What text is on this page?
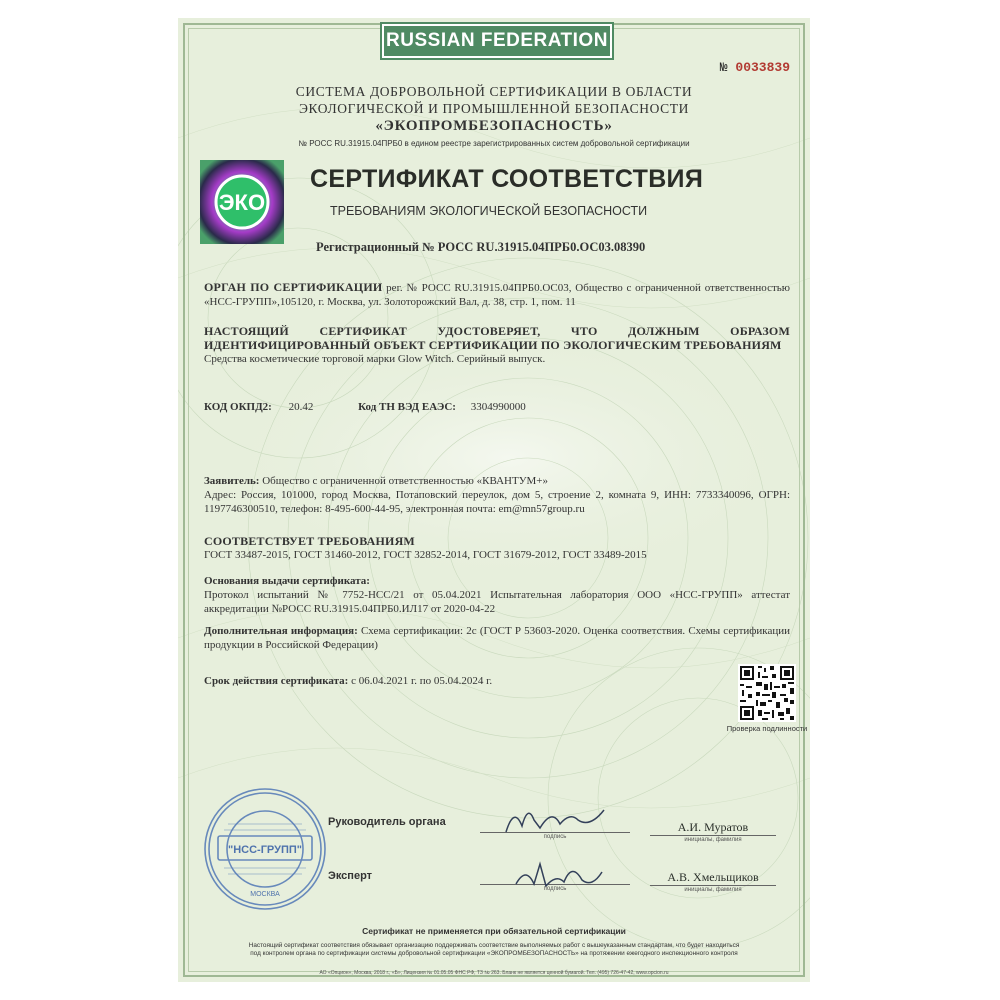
RUSSIAN FEDERATION
№ 0033839
СИСТЕМА ДОБРОВОЛЬНОЙ СЕРТИФИКАЦИИ В ОБЛАСТИ
ЭКОЛОГИЧЕСКОЙ И ПРОМЫШЛЕННОЙ БЕЗОПАСНОСТИ
«ЭКОПРОМБЕЗОПАСНОСТЬ»
№ РОСС RU.31915.04ПРБ0 в едином реестре зарегистрированных систем добровольной сертификации
ЭКО
СЕРТИФИКАТ СООТВЕТСТВИЯ
ТРЕБОВАНИЯМ ЭКОЛОГИЧЕСКОЙ БЕЗОПАСНОСТИ
Регистрационный № РОСС RU.31915.04ПРБ0.ОС03.08390
ОРГАН ПО СЕРТИФИКАЦИИ рег. № РОСС RU.31915.04ПРБ0.ОС03, Общество с ограниченной ответственностью «НСС-ГРУПП»,105120, г. Москва, ул. Золоторожский Вал, д. 38, стр. 1, пом. 11
НАСТОЯЩИЙ СЕРТИФИКАТ УДОСТОВЕРЯЕТ, ЧТО ДОЛЖНЫМ ОБРАЗОМ ИДЕНТИФИЦИРОВАННЫЙ ОБЪЕКТ СЕРТИФИКАЦИИ ПО ЭКОЛОГИЧЕСКИМ ТРЕБОВАНИЯМ
Средства косметические торговой марки Glow Witch. Серийный выпуск.
КОД ОКПД2: 20.42	Код ТН ВЭД ЕАЭС: 3304990000
Заявитель: Общество с ограниченной ответственностью «КВАНТУМ+»
Адрес: Россия, 101000, город Москва, Потаповский переулок, дом 5, строение 2, комната 9, ИНН: 7733340096, ОГРН: 1197746300510, телефон: 8-495-600-44-95, электронная почта: em@mn57group.ru
СООТВЕТСТВУЕТ ТРЕБОВАНИЯМ
ГОСТ 33487-2015, ГОСТ 31460-2012, ГОСТ 32852-2014, ГОСТ 31679-2012, ГОСТ 33489-2015
Основания выдачи сертификата:
Протокол испытаний № 7752-НСС/21 от 05.04.2021 Испытательная лаборатория ООО «НСС-ГРУПП» аттестат аккредитации №РОСС RU.31915.04ПРБ0.ИЛ17 от 2020-04-22
Дополнительная информация: Схема сертификации: 2с (ГОСТ Р 53603-2020. Оценка соответствия. Схемы сертификации продукции в Российской Федерации)
Срок действия сертификата: с 06.04.2021 г. по 05.04.2024 г.
Проверка подлинности
"НСС-ГРУПП"
МОСКВА
Руководитель органа
подпись
А.И. Муратов
инициалы, фамилия
Эксперт
подпись
А.В. Хмельщиков
инициалы, фамилия
Сертификат не применяется при обязательной сертификации
Настоящий сертификат соответствия обязывает организацию поддерживать соответствие выполняемых работ с вышеуказанным стандартам, что будет находиться
под контролем органа по сертификации системы добровольной сертификации «ЭКОПРОМБЕЗОПАСНОСТЬ» на протяжении ежегодного инспекционного контроля
АО «Опцион», Москва, 2018 г., «Б», Лицензия № 01.05.05 ФНС РФ, ТЗ № 263. Бланк не является ценной бумагой. Тел. (495) 726-47-42, www.opcion.ru
